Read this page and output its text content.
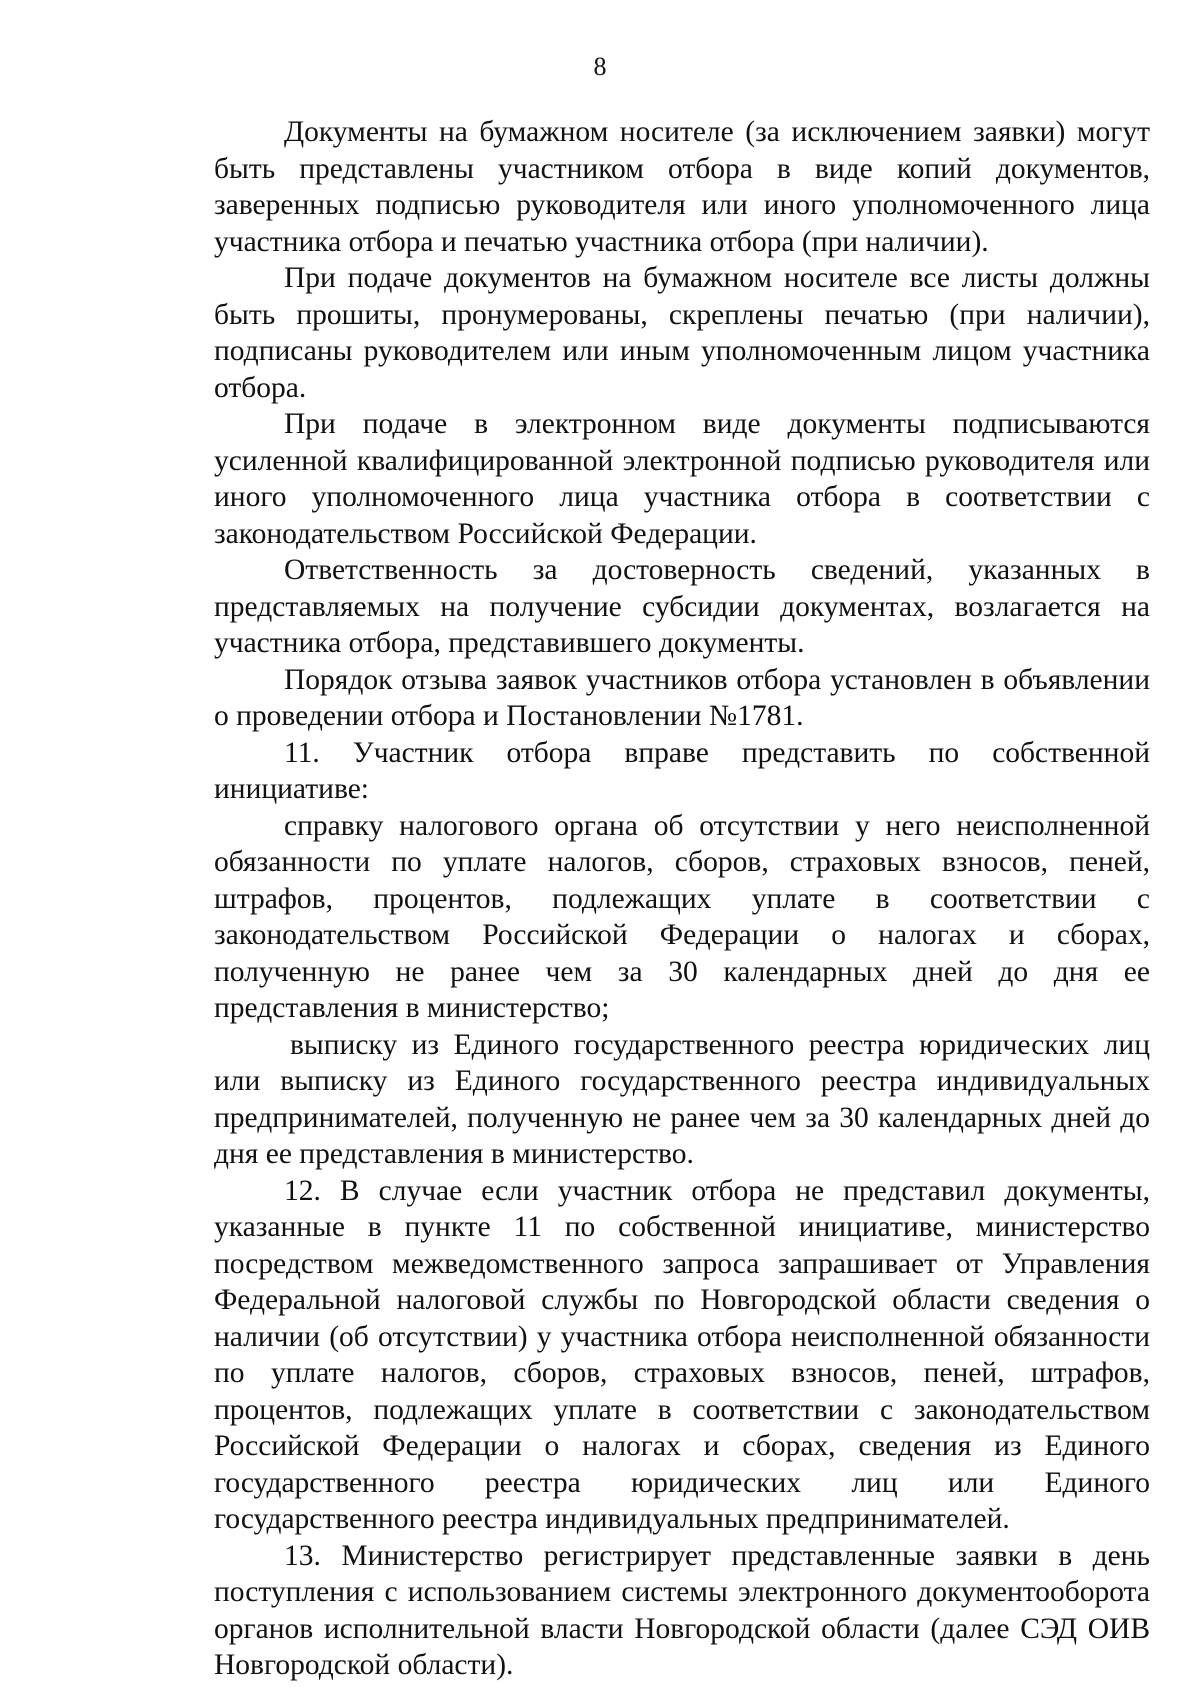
8

Документы на бумажном носителе (за исключением заявки) могут быть представлены участником отбора в виде копий документов, заверенных подписью руководителя или иного уполномоченного лица участника отбора и печатью участника отбора (при наличии).

При подаче документов на бумажном носителе все листы должны быть прошиты, пронумерованы, скреплены печатью (при наличии), подписаны руководителем или иным уполномоченным лицом участника отбора.

При подаче в электронном виде документы подписываются усиленной квалифицированной электронной подписью руководителя или иного уполномоченного лица участника отбора в соответствии с законодательством Российской Федерации.

Ответственность за достоверность сведений, указанных в представляемых на получение субсидии документах, возлагается на участника отбора, представившего документы.

Порядок отзыва заявок участников отбора установлен в объявлении о проведении отбора и Постановлении №1781.

11. Участник отбора вправе представить по собственной инициативе:

справку налогового органа об отсутствии у него неисполненной обязанности по уплате налогов, сборов, страховых взносов, пеней, штрафов, процентов, подлежащих уплате в соответствии с законодательством Российской Федерации о налогах и сборах, полученную не ранее чем за 30 календарных дней до дня ее представления в министерство;

выписку из Единого государственного реестра юридических лиц или выписку из Единого государственного реестра индивидуальных предпринимателей, полученную не ранее чем за 30 календарных дней до дня ее представления в министерство.

12. В случае если участник отбора не представил документы, указанные в пункте 11 по собственной инициативе, министерство посредством межведомственного запроса запрашивает от Управления Федеральной налоговой службы по Новгородской области сведения о наличии (об отсутствии) у участника отбора неисполненной обязанности по уплате налогов, сборов, страховых взносов, пеней, штрафов, процентов, подлежащих уплате в соответствии с законодательством Российской Федерации о налогах и сборах, сведения из Единого государственного реестра юридических лиц или Единого государственного реестра индивидуальных предпринимателей.

13. Министерство регистрирует представленные заявки в день поступления с использованием системы электронного документооборота органов исполнительной власти Новгородской области (далее СЭД ОИВ Новгородской области).
